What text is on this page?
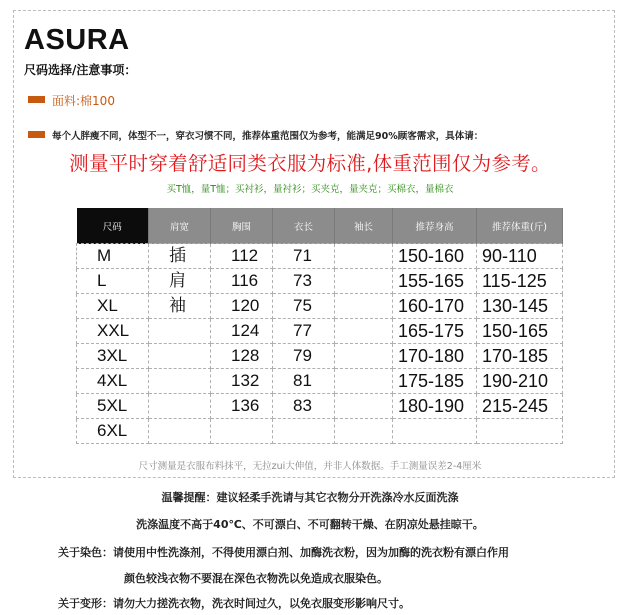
ASURA
尺码选择/注意事项：
面料:棉100
每个人胖瘦不同，体型不一，穿衣习惯不同，推荐体重范围仅为参考，能满足90%顾客需求，具体请：
测量平时穿着舒适同类衣服为标准,体重范围仅为参考。
买T恤，量T恤；买衬衫，量衬衫；买夹克，量夹克；买棉衣，量棉衣
尺码	肩宽	胸围	衣长	袖长	推荐身高	推荐体重(斤)
M	插	112	71		150-160	90-110
L	肩	116	73		155-165	115-125
XL	袖	120	75		160-170	130-145
XXL		124	77		165-175	150-165
3XL		128	79		170-180	170-185
4XL		132	81		175-185	190-210
5XL		136	83		180-190	215-245
6XL						
尺寸测量是衣服布料抹平，无拉zui大伸值，并非人体数据。手工测量误差2-4厘米
温馨提醒：建议轻柔手洗请与其它衣物分开洗涤冷水反面洗涤
洗涤温度不高于40℃、不可漂白、不可翻转干燥、在阴凉处悬挂晾干。
关于染色：请使用中性洗涤剂，不得使用漂白剂、加酶洗衣粉，因为加酶的洗衣粉有漂白作用
颜色较浅衣物不要混在深色衣物洗以免造成衣服染色。
关于变形：请勿大力搓洗衣物，洗衣时间过久，以免衣服变形影响尺寸。
